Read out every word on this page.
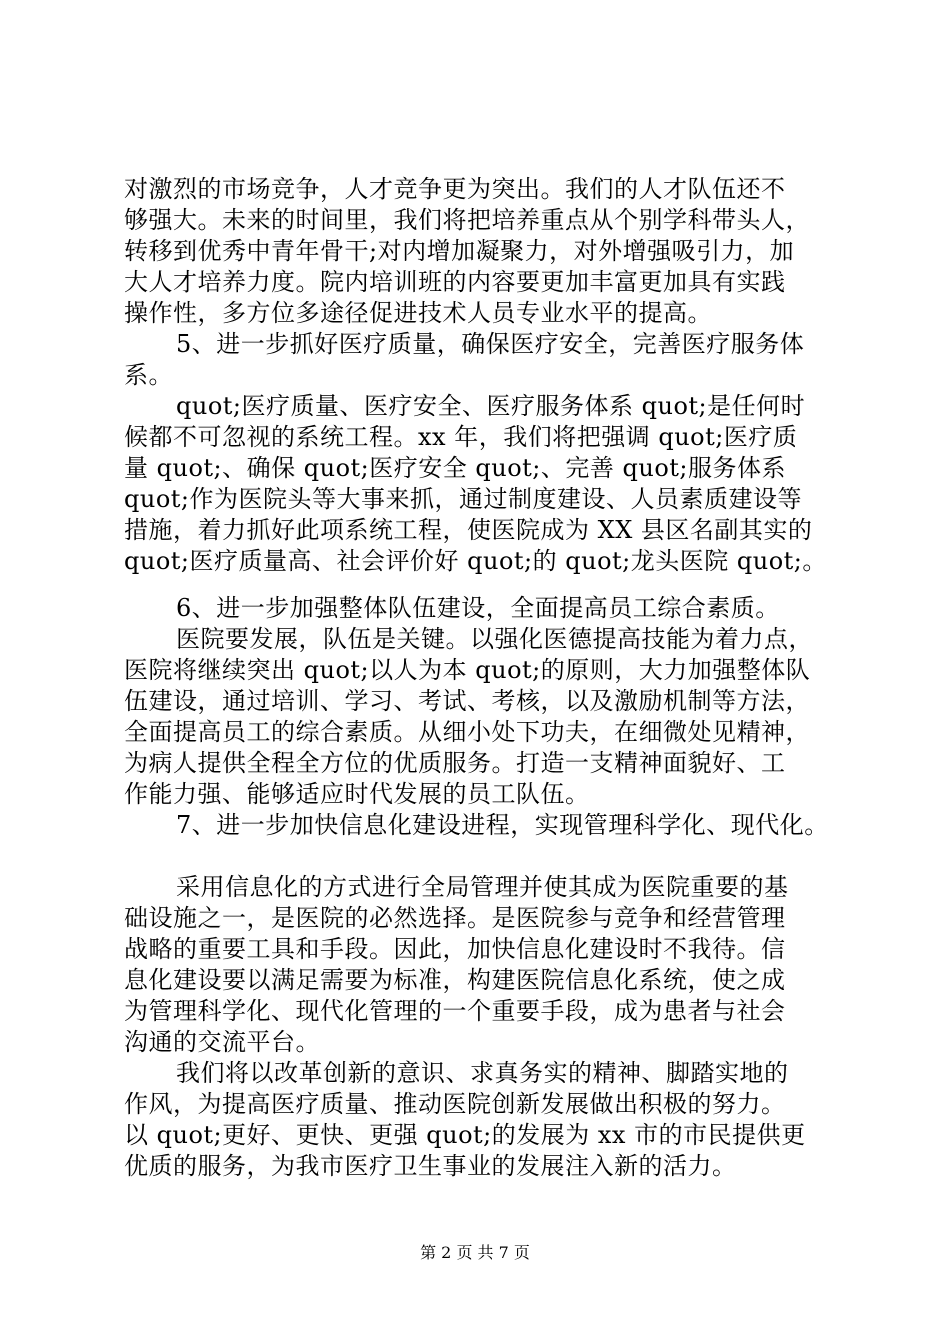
对激烈的市场竞争，人才竞争更为突出。我们的人才队伍还不
够强大。未来的时间里，我们将把培养重点从个别学科带头人，
转移到优秀中青年骨干;对内增加凝聚力，对外增强吸引力，加
大人才培养力度。院内培训班的内容要更加丰富更加具有实践
操作性，多方位多途径促进技术人员专业水平的提高。
5、进一步抓好医疗质量，确保医疗安全，完善医疗服务体
系。
quot;医疗质量、医疗安全、医疗服务体系 quot;是任何时
候都不可忽视的系统工程。xx 年，我们将把强调 quot;医疗质
量 quot;、确保 quot;医疗安全 quot;、完善 quot;服务体系
quot;作为医院头等大事来抓，通过制度建设、人员素质建设等
措施，着力抓好此项系统工程，使医院成为 XX 县区名副其实的
quot;医疗质量高、社会评价好 quot;的 quot;龙头医院 quot;。
6、进一步加强整体队伍建设，全面提高员工综合素质。
医院要发展，队伍是关键。以强化医德提高技能为着力点，
医院将继续突出 quot;以人为本 quot;的原则，大力加强整体队
伍建设，通过培训、学习、考试、考核，以及激励机制等方法，
全面提高员工的综合素质。从细小处下功夫，在细微处见精神，
为病人提供全程全方位的优质服务。打造一支精神面貌好、工
作能力强、能够适应时代发展的员工队伍。
7、进一步加快信息化建设进程，实现管理科学化、现代化。
采用信息化的方式进行全局管理并使其成为医院重要的基
础设施之一，是医院的必然选择。是医院参与竞争和经营管理
战略的重要工具和手段。因此，加快信息化建设时不我待。信
息化建设要以满足需要为标准，构建医院信息化系统，使之成
为管理科学化、现代化管理的一个重要手段，成为患者与社会
沟通的交流平台。
我们将以改革创新的意识、求真务实的精神、脚踏实地的
作风，为提高医疗质量、推动医院创新发展做出积极的努力。
以 quot;更好、更快、更强 quot;的发展为 xx 市的市民提供更
优质的服务，为我市医疗卫生事业的发展注入新的活力。
第 2 页 共 7 页
